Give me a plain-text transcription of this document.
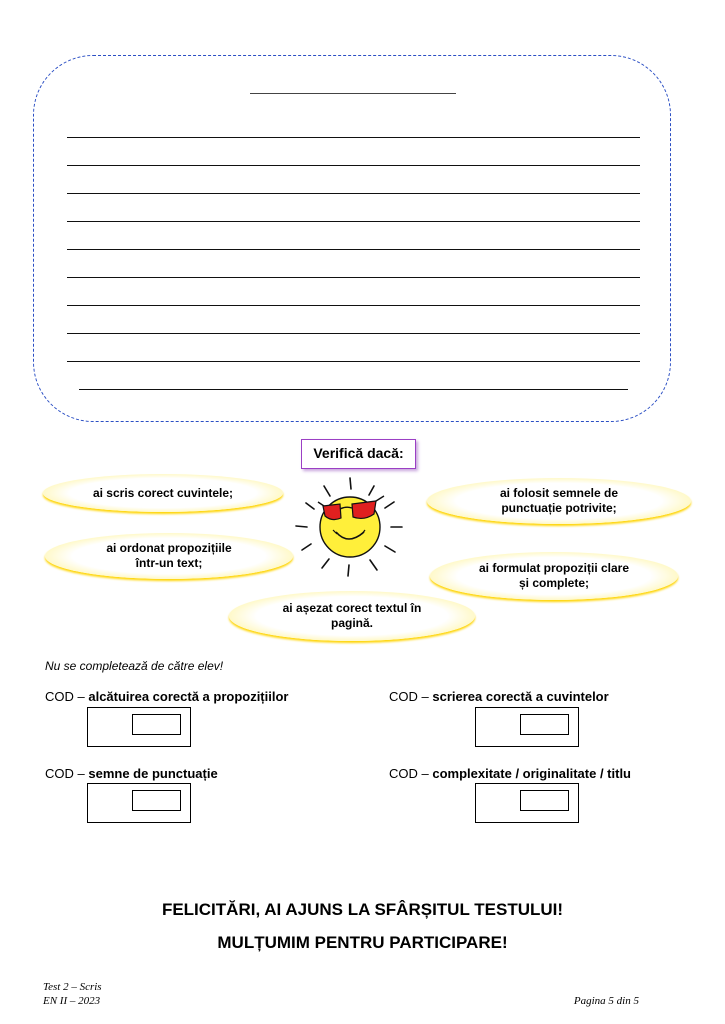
Verifică dacă:
ai scris corect cuvintele;
ai ordonat propozițiile
într-un text;
ai așezat corect textul în
pagină.
ai folosit semnele de
punctuație potrivite;
ai formulat propoziții clare
și complete;
Nu se completează de către elev!
COD – alcătuirea corectă a propozițiilor	COD – scrierea corectă a cuvintelor
COD – semne de punctuație	COD – complexitate / originalitate / titlu
FELICITĂRI, AI AJUNS LA SFÂRȘITUL TESTULUI!
MULȚUMIM PENTRU PARTICIPARE!
Test 2 – Scris
EN II – 2023	Pagina 5 din 5
